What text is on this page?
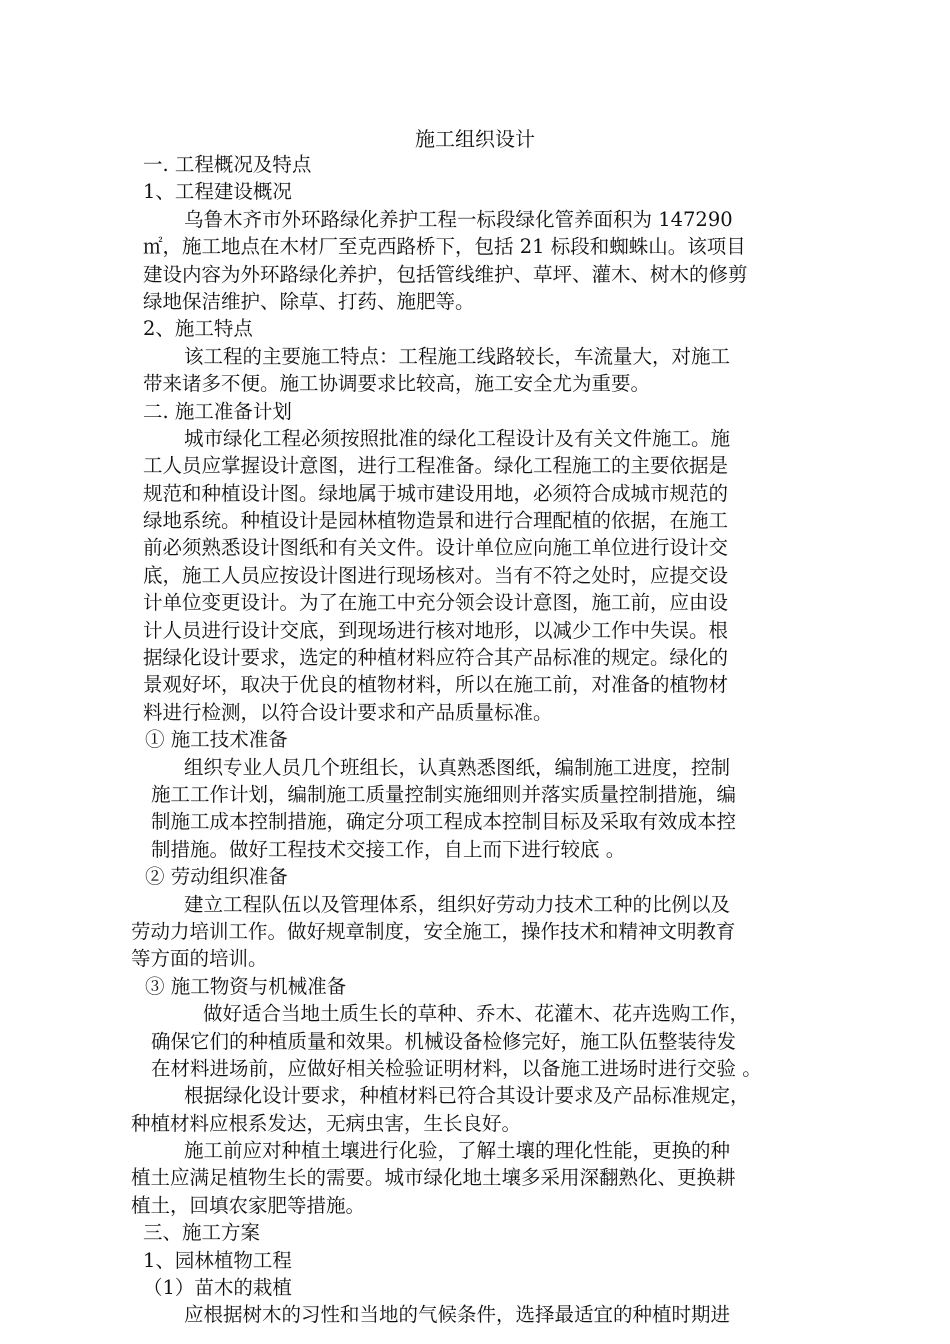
施工组织设计
一. 工程概况及特点
1、工程建设概况
乌鲁木齐市外环路绿化养护工程一标段绿化管养面积为 147290
㎡，施工地点在木材厂至克西路桥下，包括 21 标段和蜘蛛山。该项目
建设内容为外环路绿化养护，包括管线维护、草坪、灌木、树木的修剪
绿地保洁维护、除草、打药、施肥等。
2、施工特点
该工程的主要施工特点：工程施工线路较长，车流量大，对施工
带来诸多不便。施工协调要求比较高，施工安全尤为重要。
二. 施工准备计划
城市绿化工程必须按照批准的绿化工程设计及有关文件施工。施
工人员应掌握设计意图，进行工程准备。绿化工程施工的主要依据是
规范和种植设计图。绿地属于城市建设用地，必须符合成城市规范的
绿地系统。种植设计是园林植物造景和进行合理配植的依据，在施工
前必须熟悉设计图纸和有关文件。设计单位应向施工单位进行设计交
底，施工人员应按设计图进行现场核对。当有不符之处时，应提交设
计单位变更设计。为了在施工中充分领会设计意图，施工前，应由设
计人员进行设计交底，到现场进行核对地形，以减少工作中失误。根
据绿化设计要求，选定的种植材料应符合其产品标准的规定。绿化的
景观好坏，取决于优良的植物材料，所以在施工前，对准备的植物材
料进行检测，以符合设计要求和产品质量标准。
① 施工技术准备
组织专业人员几个班组长，认真熟悉图纸，编制施工进度，控制
施工工作计划，编制施工质量控制实施细则并落实质量控制措施，编
制施工成本控制措施，确定分项工程成本控制目标及采取有效成本控
制措施。做好工程技术交接工作，自上而下进行较底 。
② 劳动组织准备
建立工程队伍以及管理体系，组织好劳动力技术工种的比例以及
劳动力培训工作。做好规章制度，安全施工，操作技术和精神文明教育
等方面的培训。
③ 施工物资与机械准备
做好适合当地土质生长的草种、乔木、花灌木、花卉选购工作，
确保它们的种植质量和效果。机械设备检修完好，施工队伍整装待发
在材料进场前，应做好相关检验证明材料，以备施工进场时进行交验 。
根据绿化设计要求，种植材料已符合其设计要求及产品标准规定，
种植材料应根系发达，无病虫害，生长良好。
施工前应对种植土壤进行化验，了解土壤的理化性能，更换的种
植土应满足植物生长的需要。城市绿化地土壤多采用深翻熟化、更换耕
植土，回填农家肥等措施。
三、施工方案
1、园林植物工程
（1）苗木的栽植
应根据树木的习性和当地的气候条件，选择最适宜的种植时期进
